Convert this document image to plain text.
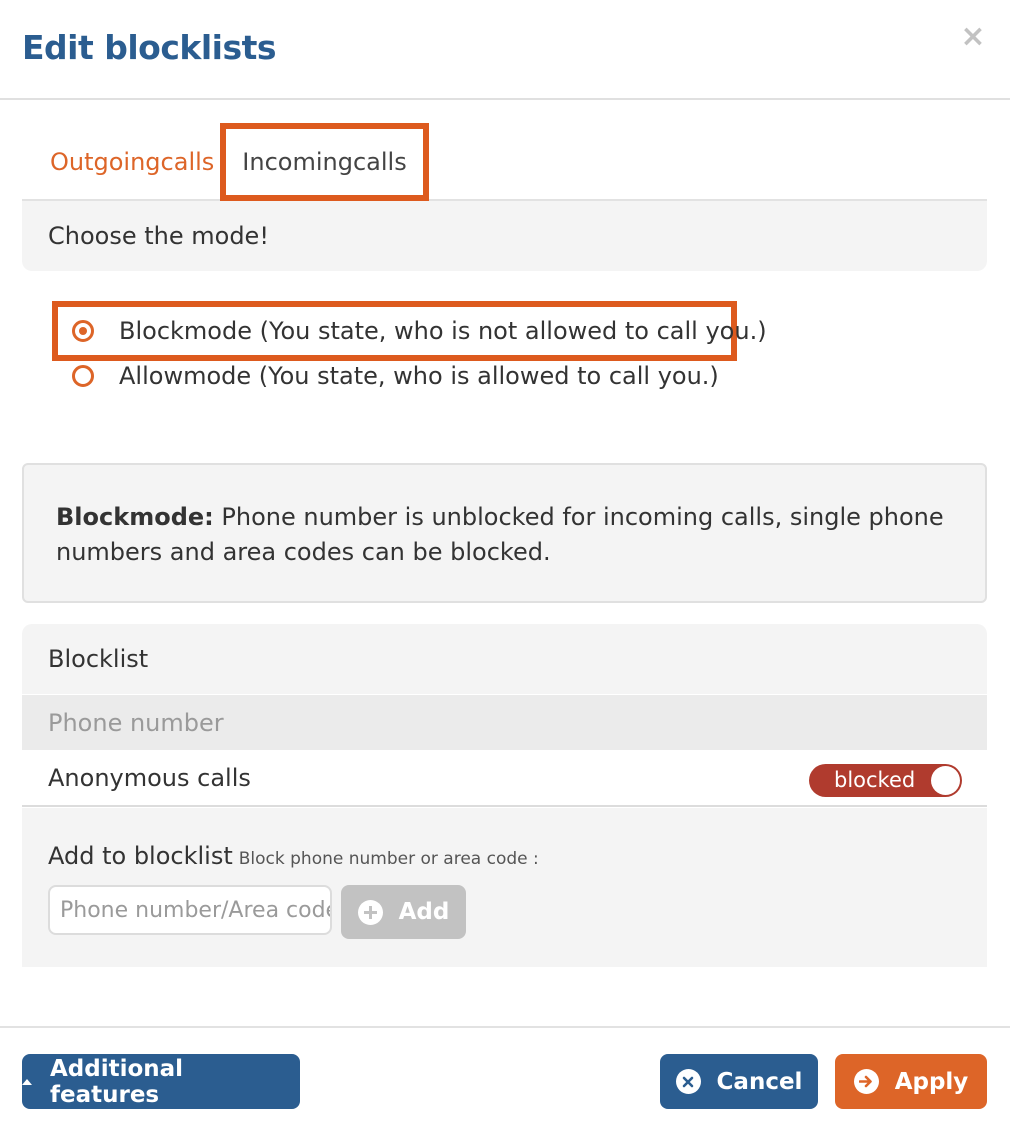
Edit blocklists	×
Outgoingcalls	Incomingcalls
Choose the mode!
Blockmode (You state, who is not allowed to call you.)
Allowmode (You state, who is allowed to call you.)
Blockmode: Phone number is unblocked for incoming calls, single phone numbers and area codes can be blocked.
Blocklist
Phone number
Anonymous calls	blocked
Add to blocklist Block phone number or area code :
Phone number/Area code
Add
Additional features	Cancel	Apply
